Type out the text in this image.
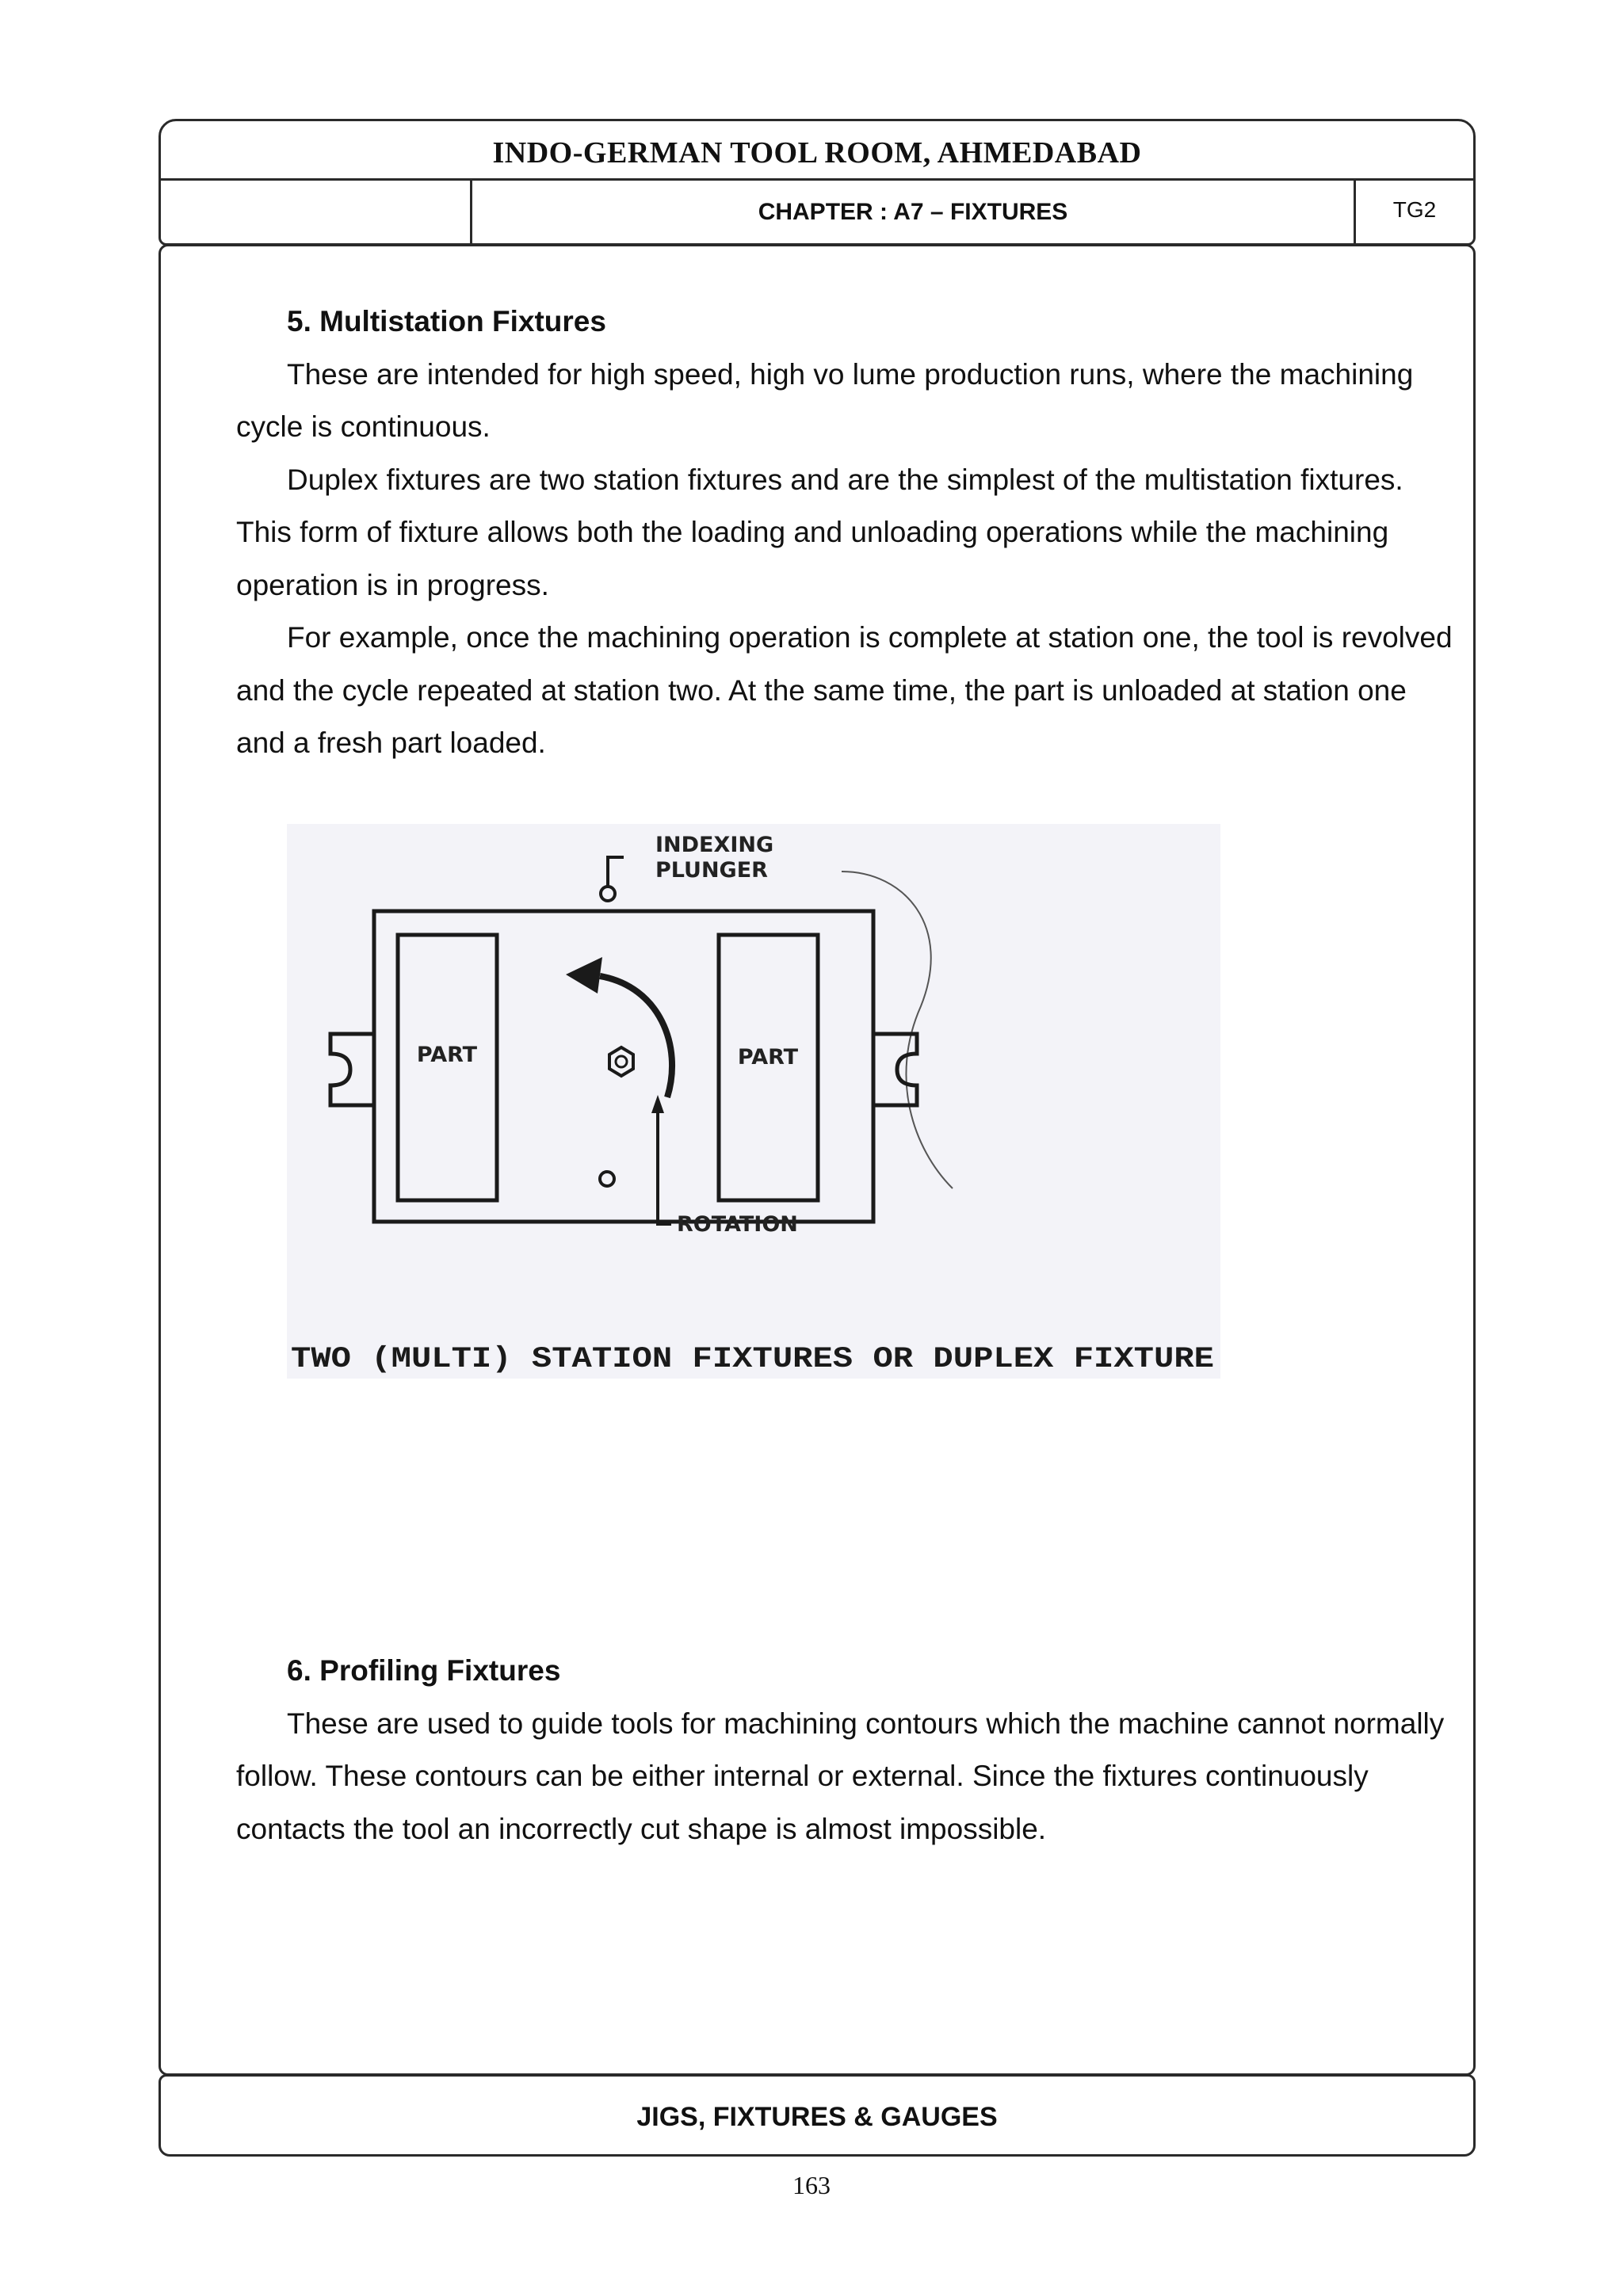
INDO-GERMAN TOOL ROOM, AHMEDABAD
CHAPTER : A7 – FIXTURES	TG2
5. Multistation Fixtures

These are intended for high speed, high vo lume production runs, where the machining cycle is continuous.

Duplex fixtures are two station fixtures and are the simplest of the multistation fixtures. This form of fixture allows both the loading and unloading operations while the machining operation is in progress.

For example, once the machining operation is complete at station one, the tool is revolved and the cycle repeated at station two. At the same time, the part is unloaded at station one and a fresh part loaded.

PART	PART
INDEXING
PLUNGER
ROTATION
TWO (MULTI) STATION FIXTURES OR DUPLEX FIXTURE
6. Profiling Fixtures

These are used to guide tools for machining contours which the machine cannot normally follow. These contours can be either internal or external. Since the fixtures continuously contacts the tool an incorrectly cut shape is almost impossible.

JIGS, FIXTURES & GAUGES
163
